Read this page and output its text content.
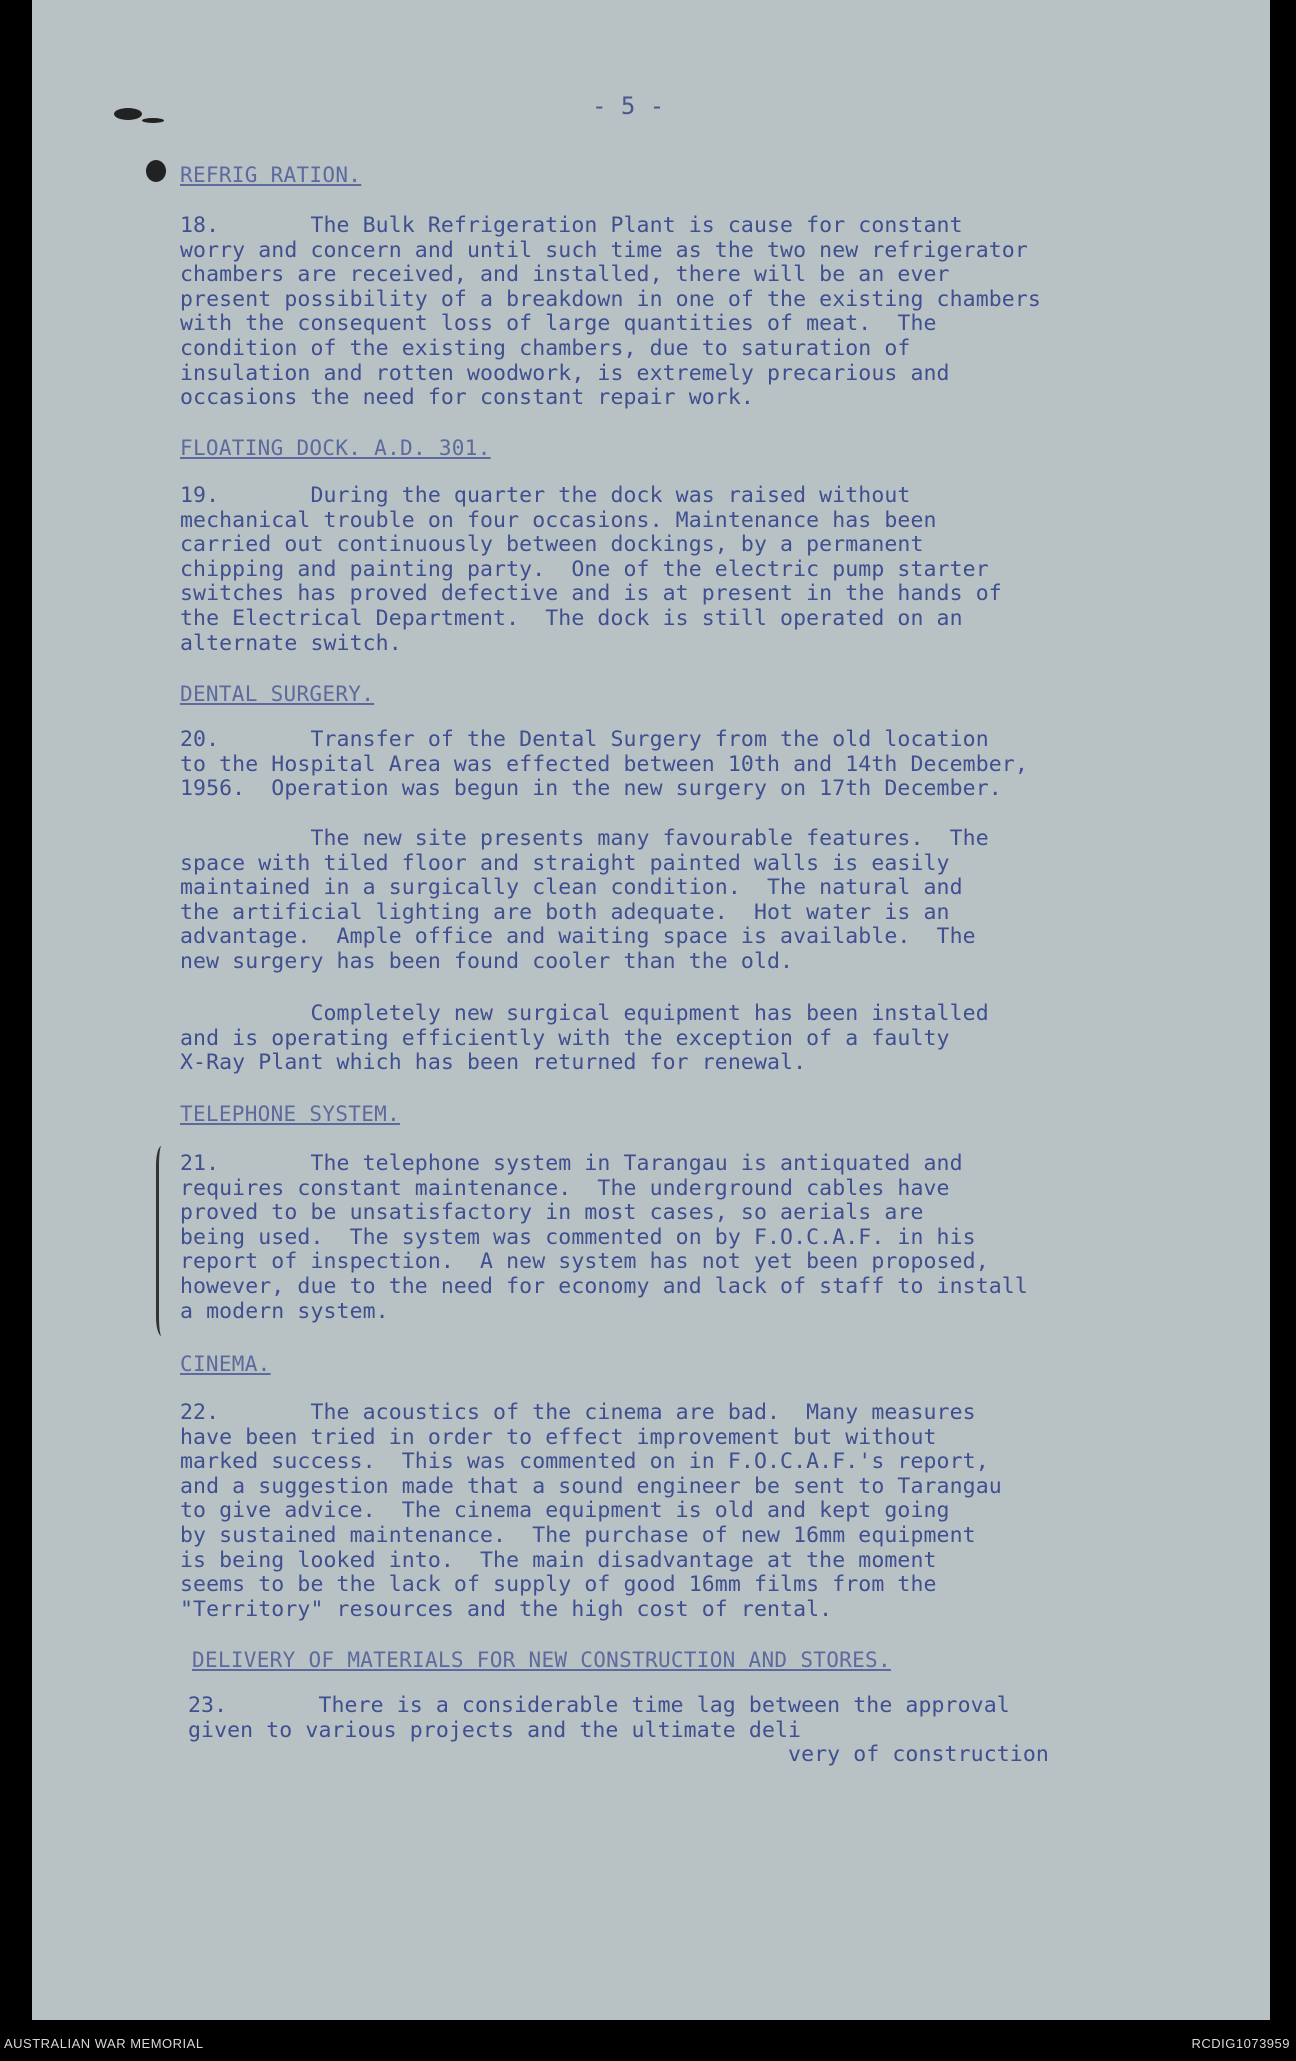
- 5 -
REFRIG RATION.
18.       The Bulk Refrigeration Plant is cause for constant
worry and concern and until such time as the two new refrigerator
chambers are received, and installed, there will be an ever
present possibility of a breakdown in one of the existing chambers
with the consequent loss of large quantities of meat.  The
condition of the existing chambers, due to saturation of
insulation and rotten woodwork, is extremely precarious and
occasions the need for constant repair work.
FLOATING DOCK. A.D. 301.
19.       During the quarter the dock was raised without
mechanical trouble on four occasions. Maintenance has been
carried out continuously between dockings, by a permanent
chipping and painting party.  One of the electric pump starter
switches has proved defective and is at present in the hands of
the Electrical Department.  The dock is still operated on an
alternate switch.
DENTAL SURGERY.
20.       Transfer of the Dental Surgery from the old location
to the Hospital Area was effected between 10th and 14th December,
1956.  Operation was begun in the new surgery on 17th December.
The new site presents many favourable features.  The
space with tiled floor and straight painted walls is easily
maintained in a surgically clean condition.  The natural and
the artificial lighting are both adequate.  Hot water is an
advantage.  Ample office and waiting space is available.  The
new surgery has been found cooler than the old.
Completely new surgical equipment has been installed
and is operating efficiently with the exception of a faulty
X-Ray Plant which has been returned for renewal.
TELEPHONE SYSTEM.
21.       The telephone system in Tarangau is antiquated and
requires constant maintenance.  The underground cables have
proved to be unsatisfactory in most cases, so aerials are
being used.  The system was commented on by F.O.C.A.F. in his
report of inspection.  A new system has not yet been proposed,
however, due to the need for economy and lack of staff to install
a modern system.
CINEMA.
22.       The acoustics of the cinema are bad.  Many measures
have been tried in order to effect improvement but without
marked success.  This was commented on in F.O.C.A.F.'s report,
and a suggestion made that a sound engineer be sent to Tarangau
to give advice.  The cinema equipment is old and kept going
by sustained maintenance.  The purchase of new 16mm equipment
is being looked into.  The main disadvantage at the moment
seems to be the lack of supply of good 16mm films from the
"Territory" resources and the high cost of rental.
DELIVERY OF MATERIALS FOR NEW CONSTRUCTION AND STORES.
23.       There is a considerable time lag between the approval
given to various projects and the ultimate deli
very of construction
AUSTRALIAN WAR MEMORIAL	RCDIG1073959
